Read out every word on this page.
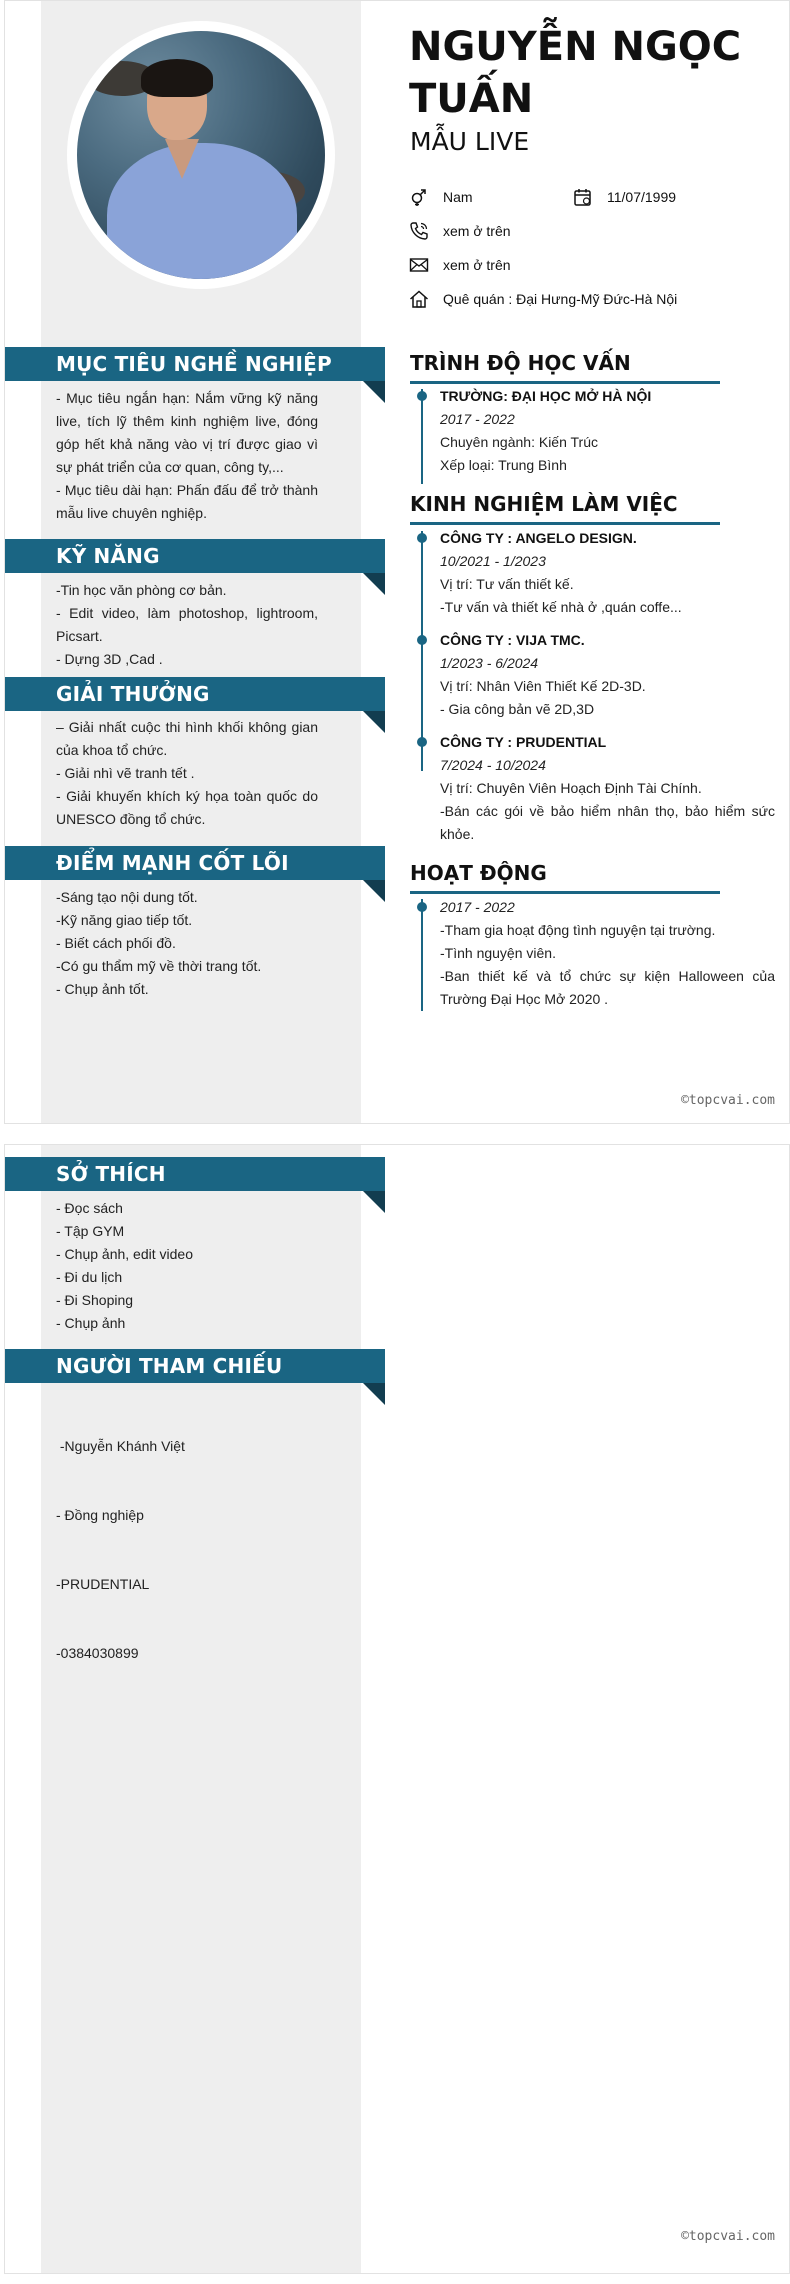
NGUYỄN NGỌC TUẤN
MẪU LIVE
Nam	11/07/1999
xem ở trên
xem ở trên
Quê quán : Đại Hưng-Mỹ Đức-Hà Nội
MỤC TIÊU NGHỀ NGHIỆP

- Mục tiêu ngắn hạn: Nắm vững kỹ năng live, tích lỹ thêm kinh nghiệm live, đóng góp hết khả năng vào vị trí được giao vì sự phát triển của cơ quan, công ty,...

- Mục tiêu dài hạn: Phấn đấu để trở thành mẫu live chuyên nghiệp.

KỸ NĂNG

-Tin học văn phòng cơ bản.

- Edit video, làm photoshop, lightroom, Picsart.

- Dựng 3D ,Cad .

GIẢI THƯỞNG

– Giải nhất cuộc thi hình khối không gian của khoa tổ chức.

- Giải nhì vẽ tranh tết .

- Giải khuyến khích ký họa toàn quốc do UNESCO đồng tổ chức.

ĐIỂM MẠNH CỐT LÕI

-Sáng tạo nội dung tốt.

-Kỹ năng giao tiếp tốt.

- Biết cách phối đồ.

-Có gu thẩm mỹ về thời trang tốt.

- Chụp ảnh tốt.

TRÌNH ĐỘ HỌC VẤN
TRƯỜNG: ĐẠI HỌC MỞ HÀ NỘI
2017 - 2022
Chuyên ngành: Kiến Trúc
Xếp loại: Trung Bình
KINH NGHIỆM LÀM VIỆC
CÔNG TY : ANGELO DESIGN.
10/2021 - 1/2023
Vị trí: Tư vấn thiết kế.
-Tư vấn và thiết kế nhà ở ,quán coffe...
CÔNG TY : VIJA TMC.
1/2023 - 6/2024
Vị trí: Nhân Viên Thiết Kế 2D-3D.
- Gia công bản vẽ 2D,3D
CÔNG TY : PRUDENTIAL
7/2024 - 10/2024
Vị trí: Chuyên Viên Hoạch Định Tài Chính.
-Bán các gói về bảo hiểm nhân thọ, bảo hiểm sức khỏe.
HOẠT ĐỘNG
2017 - 2022
-Tham gia hoạt động tình nguyện tại trường.
-Tình nguyện viên.
-Ban thiết kế và tổ chức sự kiện Halloween của Trường Đại Học Mở 2020 .
©topcvai.com
SỞ THÍCH

- Đọc sách

- Tập GYM

- Chụp ảnh, edit video

- Đi du lịch

- Đi Shoping

- Chụp ảnh

NGƯỜI THAM CHIẾU

-Nguyễn Khánh Việt

- Đồng nghiệp

-PRUDENTIAL

-0384030899

©topcvai.com
